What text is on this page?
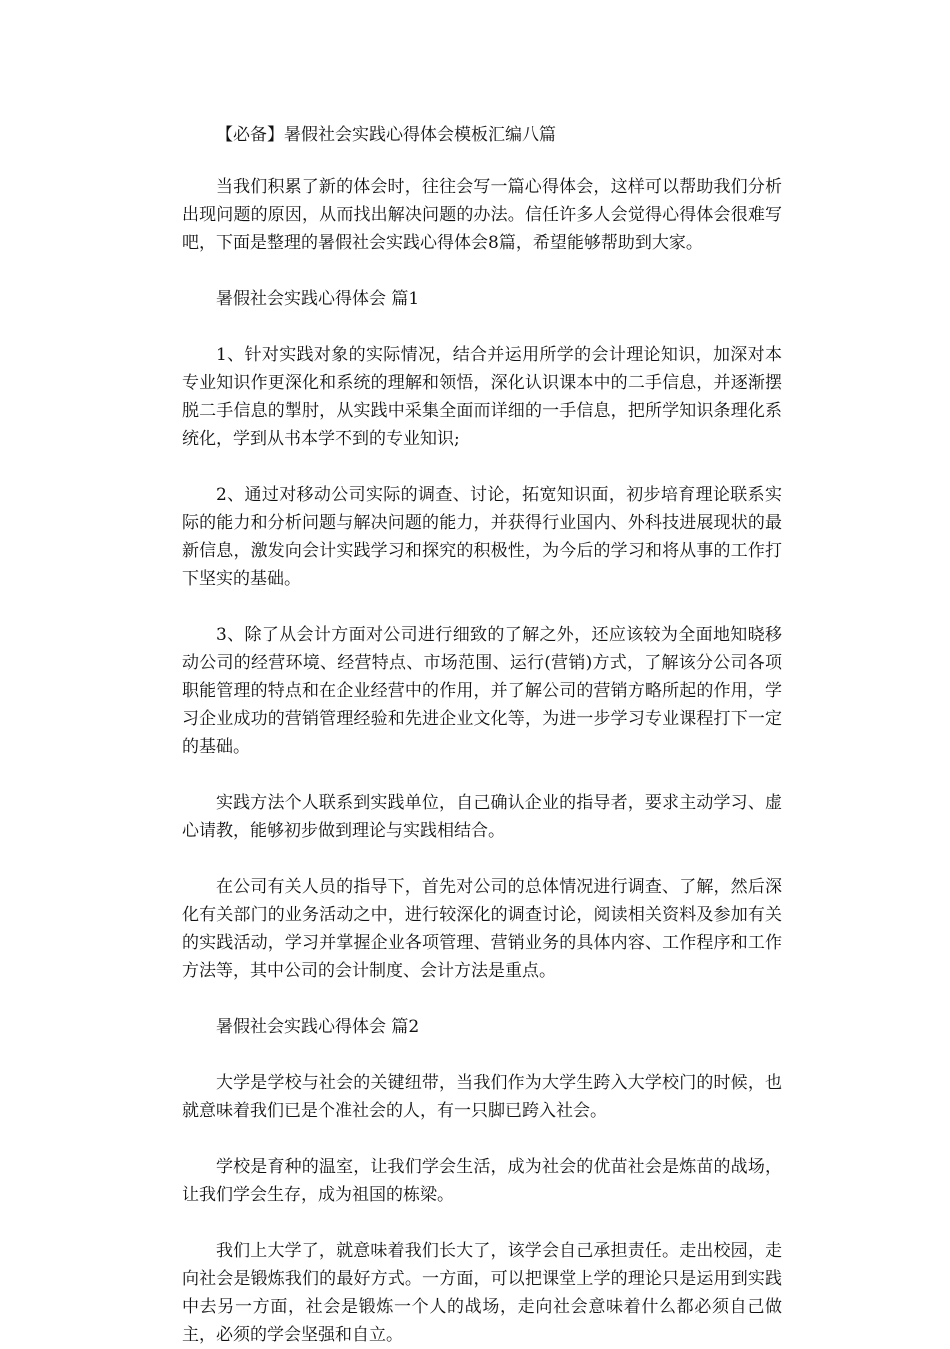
【必备】暑假社会实践心得体会模板汇编八篇

当我们积累了新的体会时，往往会写一篇心得体会，这样可以帮助我们分析出现问题的原因，从而找出解决问题的办法。信任许多人会觉得心得体会很难写吧，下面是整理的暑假社会实践心得体会8篇，希望能够帮助到大家。

暑假社会实践心得体会 篇1

1、针对实践对象的实际情况，结合并运用所学的会计理论知识，加深对本专业知识作更深化和系统的理解和领悟，深化认识课本中的二手信息，并逐渐摆脱二手信息的掣肘，从实践中采集全面而详细的一手信息，把所学知识条理化系统化，学到从书本学不到的专业知识;

2、通过对移动公司实际的调查、讨论，拓宽知识面，初步培育理论联系实际的能力和分析问题与解决问题的能力，并获得行业国内、外科技进展现状的最新信息，激发向会计实践学习和探究的积极性，为今后的学习和将从事的工作打下坚实的基础。

3、除了从会计方面对公司进行细致的了解之外，还应该较为全面地知晓移动公司的经营环境、经营特点、市场范围、运行(营销)方式，了解该分公司各项职能管理的特点和在企业经营中的作用，并了解公司的营销方略所起的作用，学习企业成功的营销管理经验和先进企业文化等，为进一步学习专业课程打下一定的基础。

实践方法个人联系到实践单位，自己确认企业的指导者，要求主动学习、虚心请教，能够初步做到理论与实践相结合。

在公司有关人员的指导下，首先对公司的总体情况进行调查、了解，然后深化有关部门的业务活动之中，进行较深化的调查讨论，阅读相关资料及参加有关的实践活动，学习并掌握企业各项管理、营销业务的具体内容、工作程序和工作方法等，其中公司的会计制度、会计方法是重点。

暑假社会实践心得体会 篇2

大学是学校与社会的关键纽带，当我们作为大学生跨入大学校门的时候，也就意味着我们已是个准社会的人，有一只脚已跨入社会。

学校是育种的温室，让我们学会生活，成为社会的优苗社会是炼苗的战场，让我们学会生存，成为祖国的栋梁。

我们上大学了，就意味着我们长大了，该学会自己承担责任。走出校园，走向社会是锻炼我们的最好方式。一方面，可以把课堂上学的理论只是运用到实践中去另一方面，社会是锻炼一个人的战场，走向社会意味着什么都必须自己做主，必须的学会坚强和自立。
